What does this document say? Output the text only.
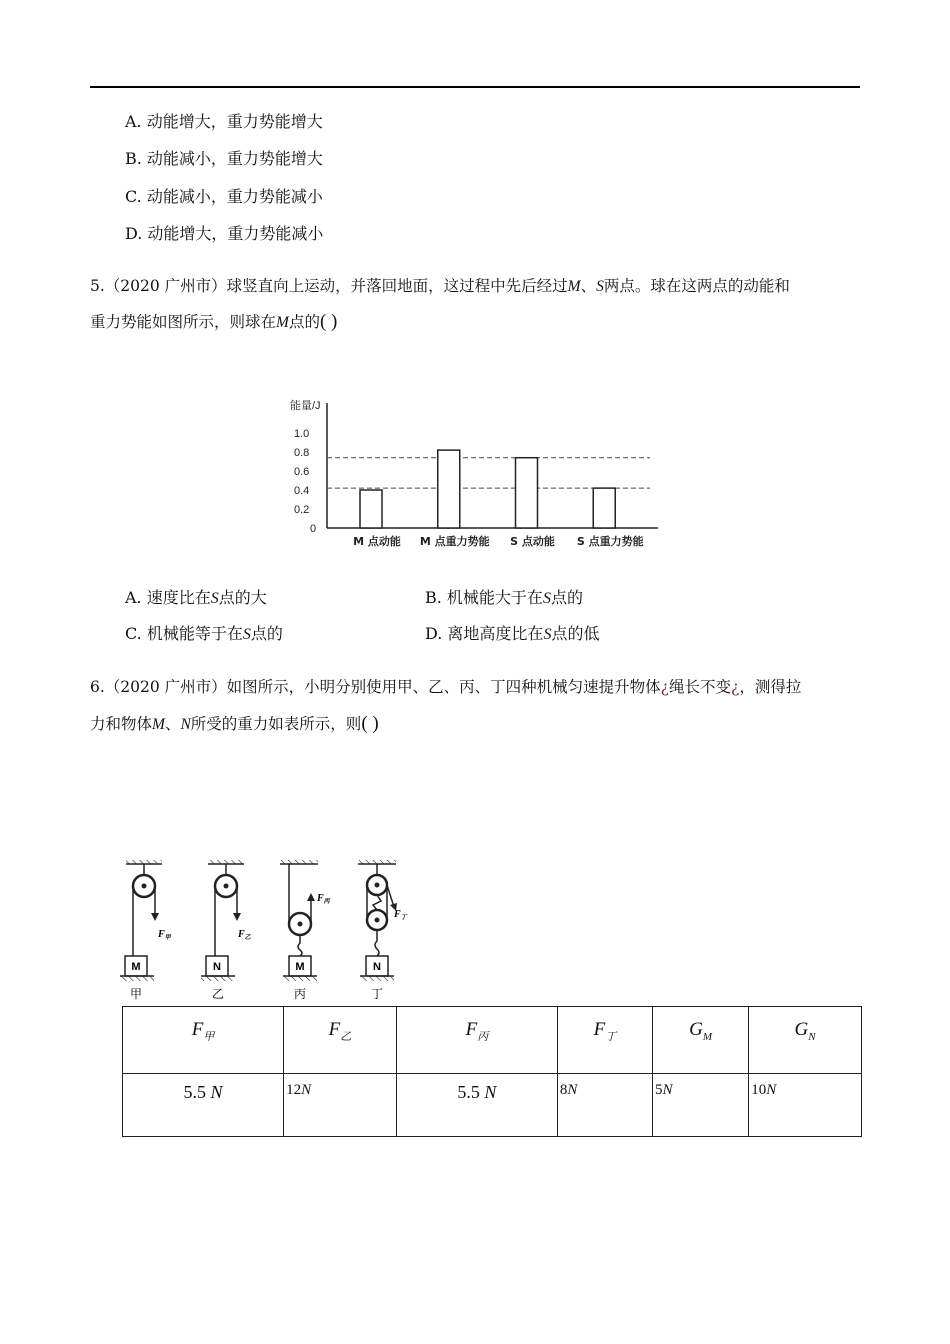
A. 动能增大，重力势能增大
B. 动能减小，重力势能增大
C. 动能减小，重力势能减小
D. 动能增大，重力势能减小
5.（2020 广州市）球竖直向上运动，并落回地面，这过程中先后经过M、S两点。球在这两点的动能和
重力势能如图所示，则球在M点的( )
能量/J
1.0
0.8
0.6
0.4
0.2
0
M 点动能 M 点重力势能 S 点动能 S 点重力势能
A. 速度比在S点的大	B. 机械能大于在S点的
C. 机械能等于在S点的	D. 离地高度比在S点的低
6.（2020 广州市）如图所示，小明分别使用甲、乙、丙、丁四种机械匀速提升物体¿绳长不变¿，测得拉
力和物体M、N所受的重力如表所示，则( )
$F_甲$
M
甲
$F_乙$
N
乙
$F_丙$
M
丙
$F_丁$
N
丁
$F_甲$	$F_乙$	$F_丙$	$F_丁$	$G_M$	$G_N$
5.5 N	12N	5.5 N	8N	5N	10N
